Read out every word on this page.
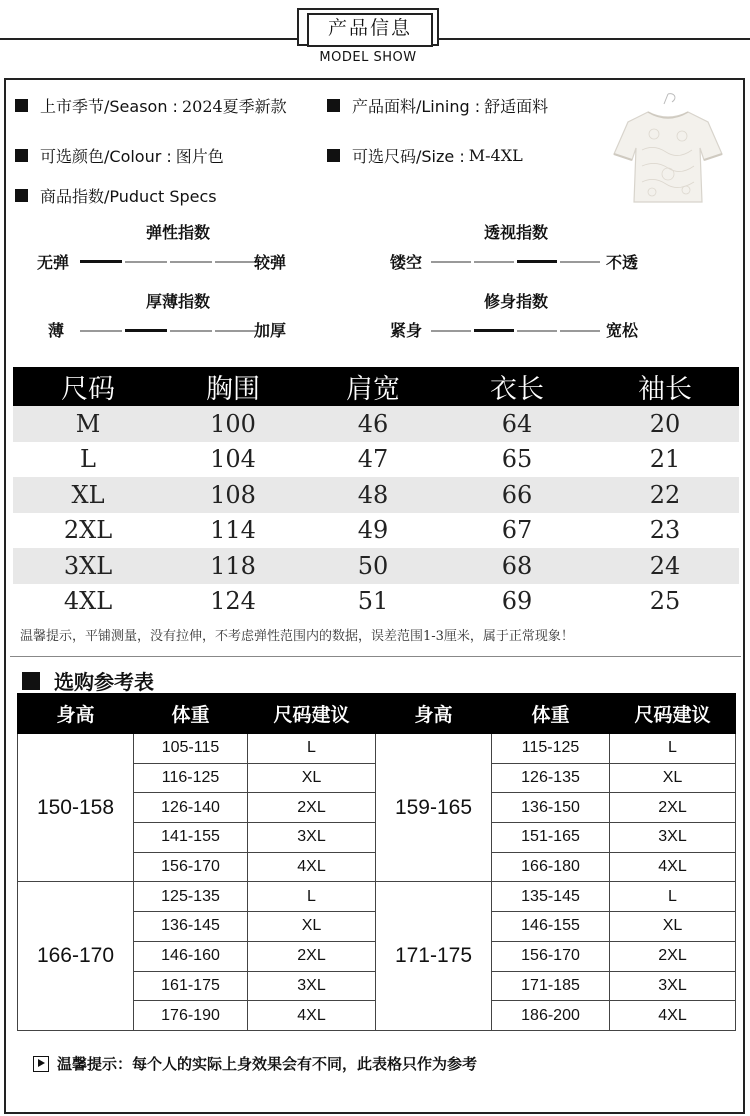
产品信息
MODEL SHOW
上市季节/Season : 2024夏季新款	产品面料/Lining : 舒适面料
可选颜色/Colour : 图片色	可选尺码/Size : M-4XL
商品指数/Puduct Specs
弹性指数
无弹	较弹
透视指数
镂空	不透
厚薄指数
薄	加厚
修身指数
紧身	宽松
尺码	胸围	肩宽	衣长	袖长
M	100	46	64	20
L	104	47	65	21
XL	108	48	66	22
2XL	114	49	67	23
3XL	118	50	68	24
4XL	124	51	69	25
温馨提示，平铺测量，没有拉伸，不考虑弹性范围内的数据，误差范围1-3厘米，属于正常现象！
选购参考表
身高	体重	尺码建议	身高	体重	尺码建议
150-158	105-115	L	159-165	115-125	L
	116-125	XL		126-135	XL
	126-140	2XL		136-150	2XL
	141-155	3XL		151-165	3XL
	156-170	4XL		166-180	4XL
166-170	125-135	L	171-175	135-145	L
	136-145	XL		146-155	XL
	146-160	2XL		156-170	2XL
	161-175	3XL		171-185	3XL
	176-190	4XL		186-200	4XL
温馨提示：每个人的实际上身效果会有不同，此表格只作为参考
